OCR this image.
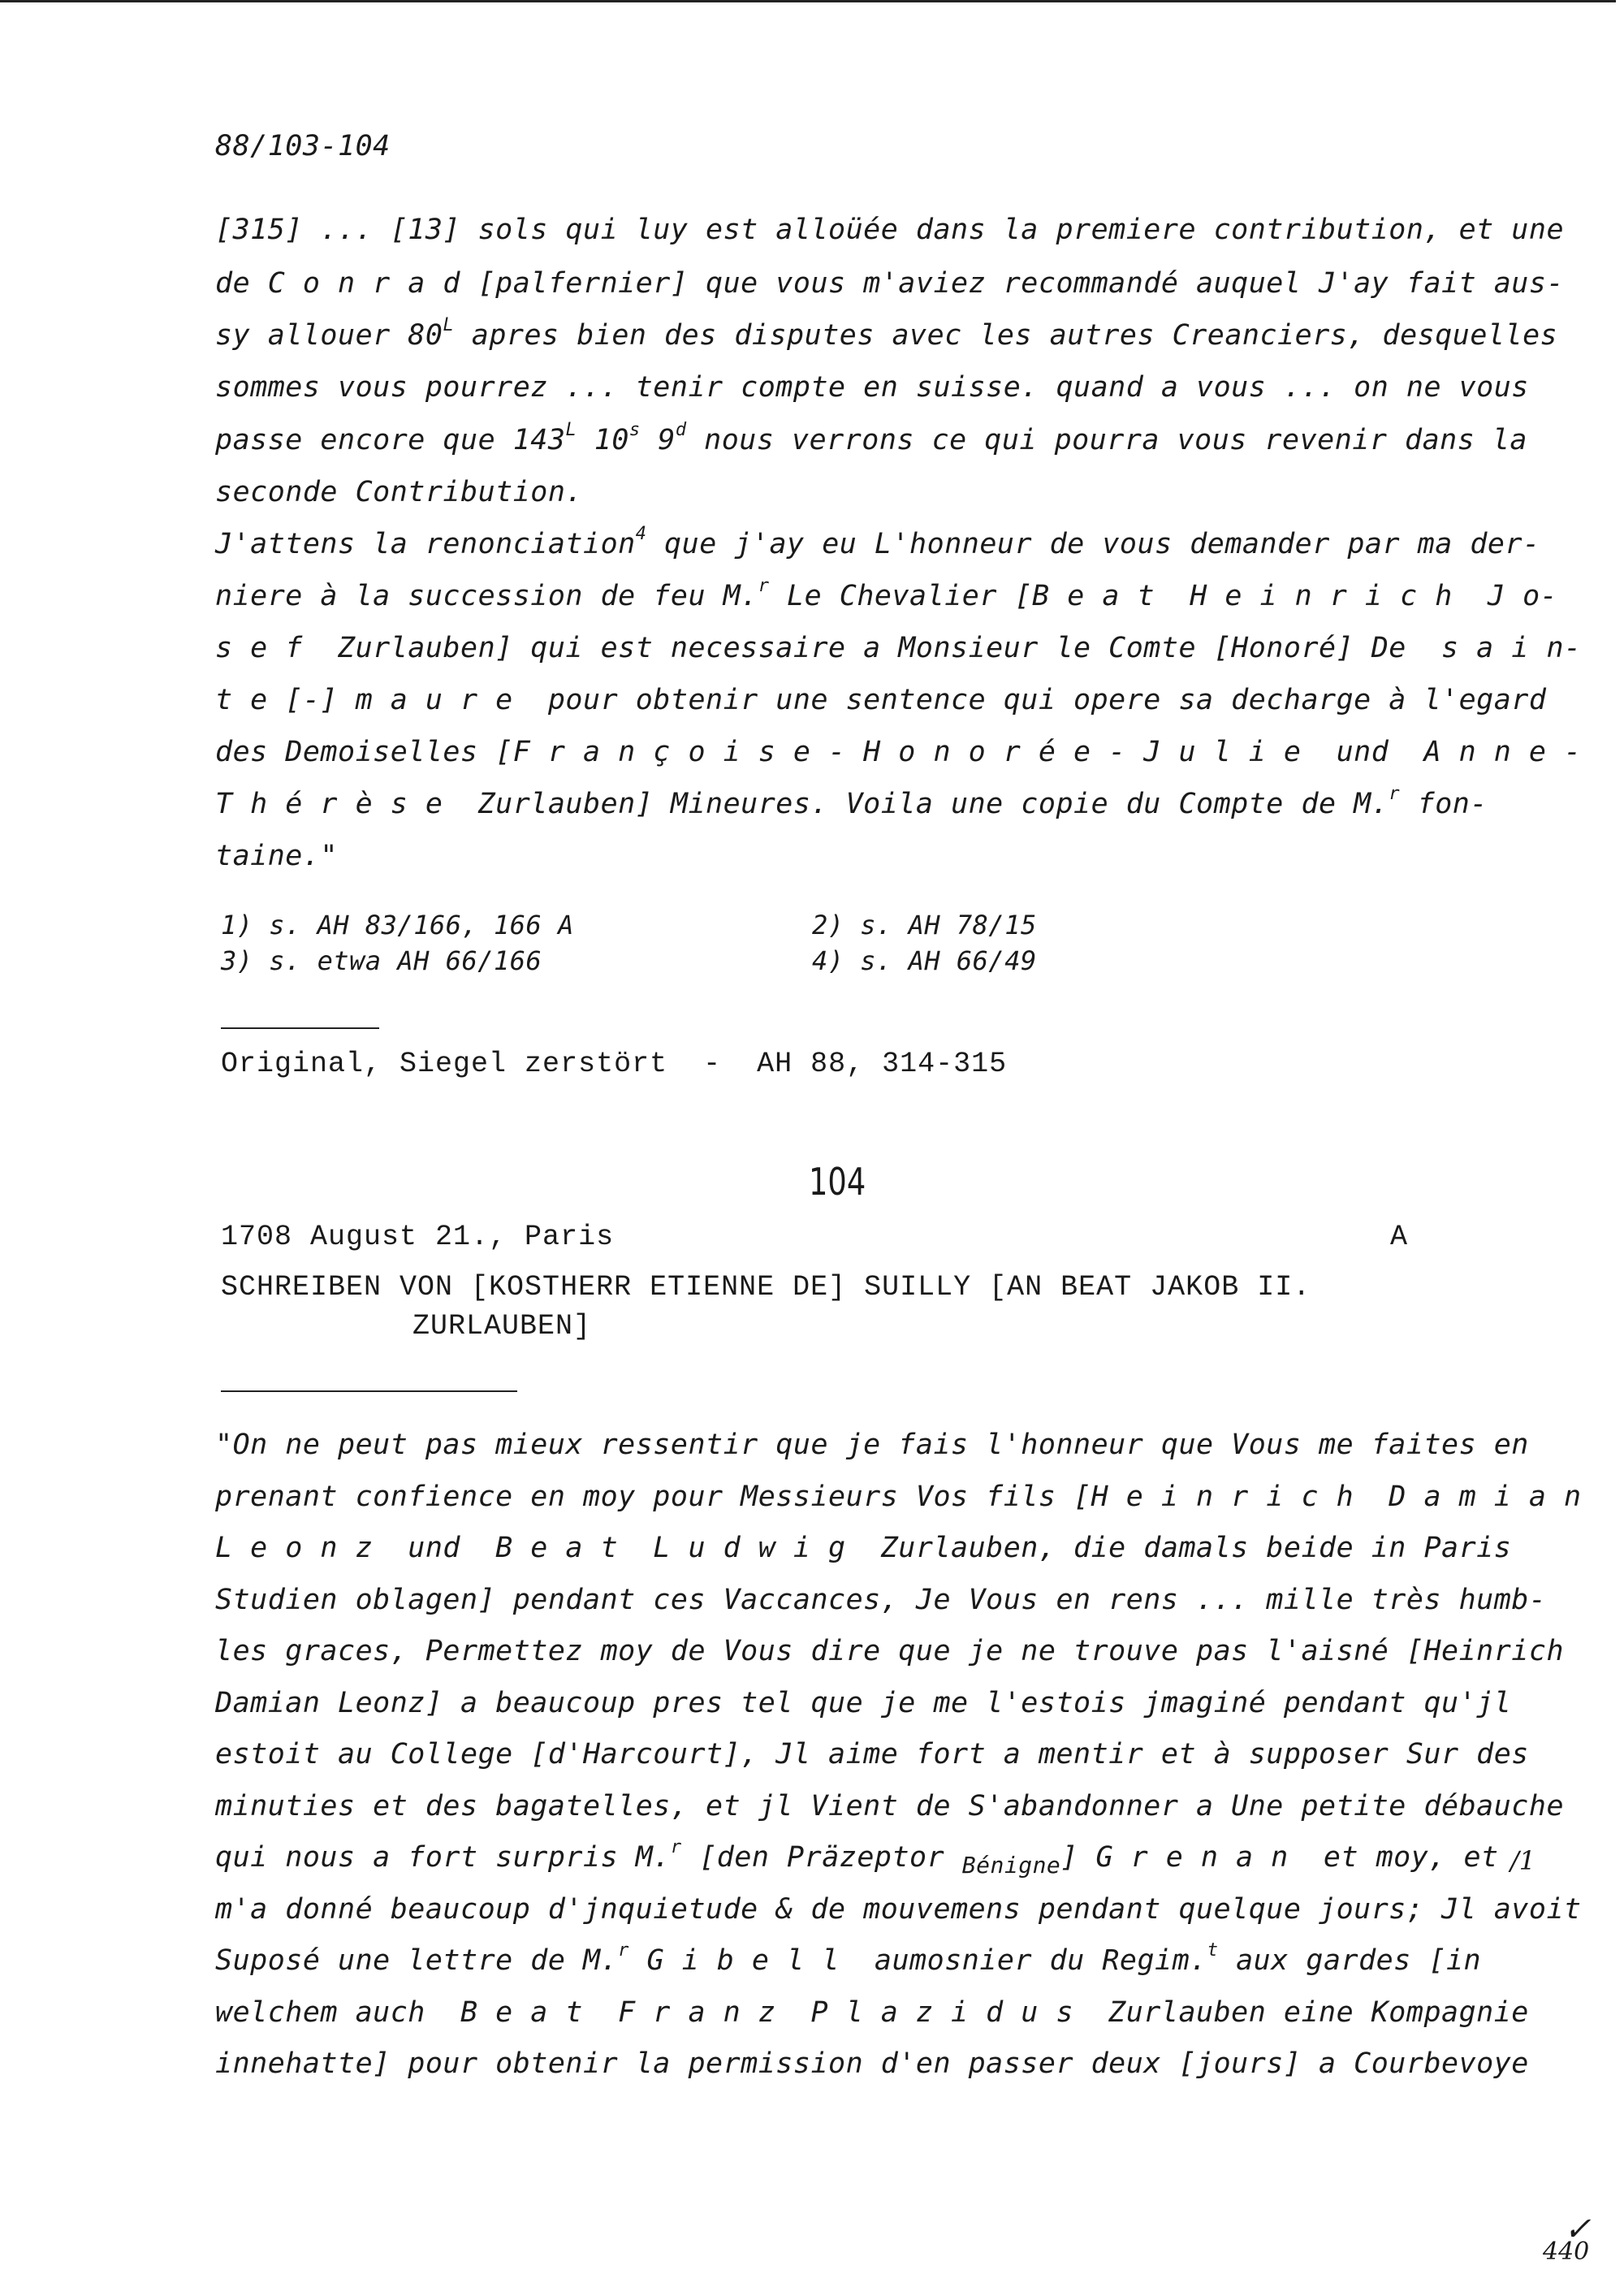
88/103-104
[315] ... [13] sols qui luy est alloüée dans la premiere contribution, et une
de C o n r a d [palfernier] que vous m'aviez recommandé auquel J'ay fait aus-
sy allouer $80^L$ apres bien des disputes avec les autres Creanciers, desquelles
sommes vous pourrez ... tenir compte en suisse. quand a vous ... on ne vous
passe encore que $143^L$ 10$^s$ 9$^d$ nous verrons ce qui pourra vous revenir dans la
seconde Contribution.
J'attens la renonciation$^4$ que j'ay eu L'honneur de vous demander par ma der-
niere à la succession de feu M.$^r$ Le Chevalier [B e a t  H e i n r i c h  J o-
s e f  Zurlauben] qui est necessaire a Monsieur le Comte [Honoré] De  s a i n-
t e [-] m a u r e  pour obtenir une sentence qui opere sa decharge à l'egard
des Demoiselles [F r a n ç o i s e - H o n o r é e - J u l i e  und  A n n e -
T h é r è s e  Zurlauben] Mineures. Voila une copie du Compte de M.$^r$ fon-
taine."
1) s. AH 83/166, 166 A	2) s. AH 78/15
3) s. etwa AH 66/166	4) s. AH 66/49
Original, Siegel zerstört  -  AH 88, 314-315
104
1708 August 21., Paris	A
SCHREIBEN VON [KOSTHERR ETIENNE DE] SUILLY [AN BEAT JAKOB II.
ZURLAUBEN]
"On ne peut pas mieux ressentir que je fais l'honneur que Vous me faites en
prenant confience en moy pour Messieurs Vos fils [H e i n r i c h  D a m i a n
L e o n z  und  B e a t  L u d w i g  Zurlauben, die damals beide in Paris
Studien oblagen] pendant ces Vaccances, Je Vous en rens ... mille très humb-
les graces, Permettez moy de Vous dire que je ne trouve pas l'aisné [Heinrich
Damian Leonz] a beaucoup pres tel que je me l'estois jmaginé pendant qu'jl
estoit au College [d'Harcourt], Jl aime fort a mentir et à supposer Sur des
minuties et des bagatelles, et jl Vient de S'abandonner a Une petite débauche
qui nous a fort surpris M.$^r$ [den Präzeptor $_{Bénigne}$] G r e n a n  et moy, et
m'a donné beaucoup d'jnquietude & de mouvemens pendant quelque jours; Jl avoit
Suposé une lettre de M.$^r$ G i b e l l  aumosnier du Regim.$^t$ aux gardes [in
welchem auch  B e a t  F r a n z  P l a z i d u s  Zurlauben eine Kompagnie
innehatte] pour obtenir la permission d'en passer deux [jours] a Courbevoye
/1
✓
440
